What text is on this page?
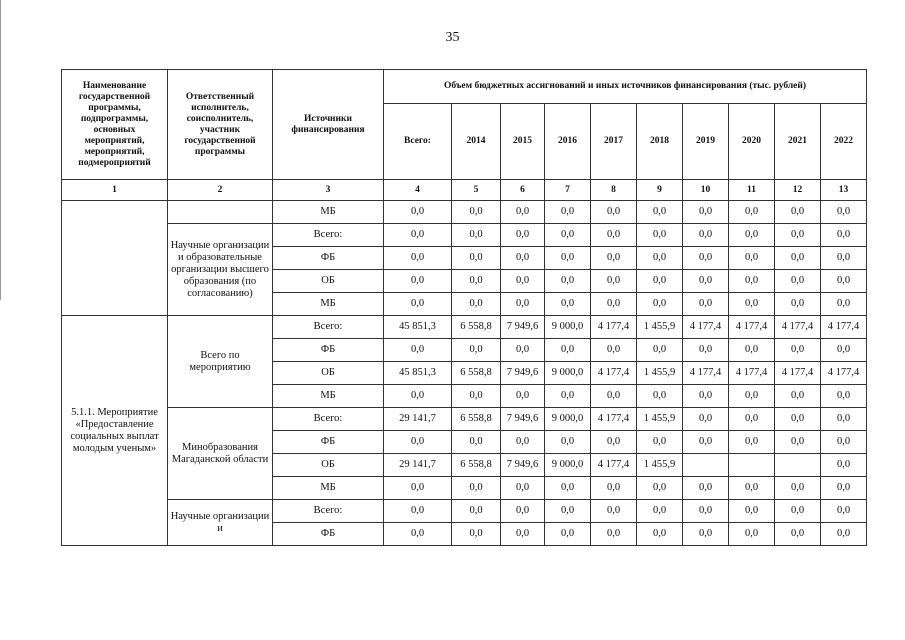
35
Наименование государственной программы, подпрограммы, основных мероприятий, мероприятий, подмероприятий	Ответственный исполнитель, соисполнитель, участник государственной программы	Источники финансирования	Объем бюджетных ассигнований и иных источников финансирования (тыс. рублей)									
			Всего:	2014	2015	2016	2017	2018	2019	2020	2021	2022
1	2	3	4	5	6	7	8	9	10	11	12	13
		МБ	0,0	0,0	0,0	0,0	0,0	0,0	0,0	0,0	0,0	0,0
	Научные организации и образовательные организации высшего образования (по согласованию)	Всего:	0,0	0,0	0,0	0,0	0,0	0,0	0,0	0,0	0,0	0,0
		ФБ	0,0	0,0	0,0	0,0	0,0	0,0	0,0	0,0	0,0	0,0
		ОБ	0,0	0,0	0,0	0,0	0,0	0,0	0,0	0,0	0,0	0,0
		МБ	0,0	0,0	0,0	0,0	0,0	0,0	0,0	0,0	0,0	0,0
5.1.1. Мероприятие «Предоставление социальных выплат молодым ученым»	Всего по мероприятию	Всего:	45 851,3	6 558,8	7 949,6	9 000,0	4 177,4	1 455,9	4 177,4	4 177,4	4 177,4	4 177,4
		ФБ	0,0	0,0	0,0	0,0	0,0	0,0	0,0	0,0	0,0	0,0
		ОБ	45 851,3	6 558,8	7 949,6	9 000,0	4 177,4	1 455,9	4 177,4	4 177,4	4 177,4	4 177,4
		МБ	0,0	0,0	0,0	0,0	0,0	0,0	0,0	0,0	0,0	0,0
	Минобразования Магаданской области	Всего:	29 141,7	6 558,8	7 949,6	9 000,0	4 177,4	1 455,9	0,0	0,0	0,0	0,0
		ФБ	0,0	0,0	0,0	0,0	0,0	0,0	0,0	0,0	0,0	0,0
		ОБ	29 141,7	6 558,8	7 949,6	9 000,0	4 177,4	1 455,9				0,0
		МБ	0,0	0,0	0,0	0,0	0,0	0,0	0,0	0,0	0,0	0,0
	Научные организации и	Всего:	0,0	0,0	0,0	0,0	0,0	0,0	0,0	0,0	0,0	0,0
		ФБ	0,0	0,0	0,0	0,0	0,0	0,0	0,0	0,0	0,0	0,0
